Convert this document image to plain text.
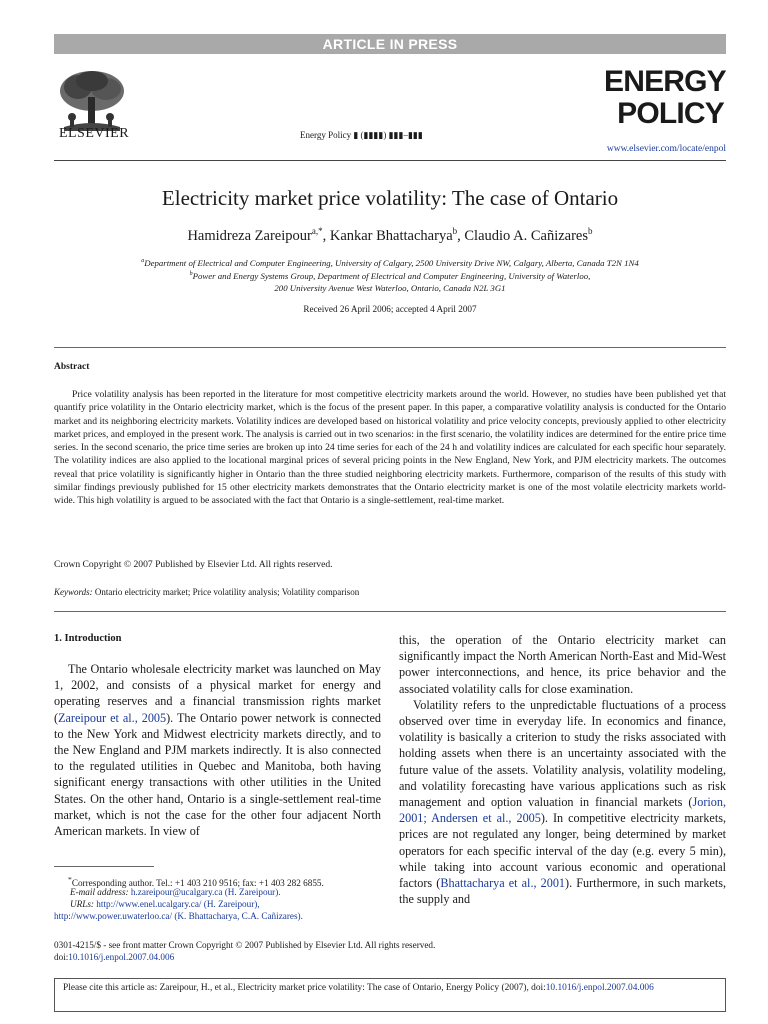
ARTICLE IN PRESS
ELSEVIER	Energy Policy ▮ (▮▮▮▮) ▮▮▮–▮▮▮
ENERGY
POLICY
www.elsevier.com/locate/enpol
Electricity market price volatility: The case of Ontario
Hamidreza Zareipour$^{a,*}$, Kankar Bhattacharya$^b$, Claudio A. Cañizares$^b$
$^a$Department of Electrical and Computer Engineering, University of Calgary, 2500 University Drive NW, Calgary, Alberta, Canada T2N 1N4
$^b$Power and Energy Systems Group, Department of Electrical and Computer Engineering, University of Waterloo,
200 University Avenue West Waterloo, Ontario, Canada N2L 3G1
Received 26 April 2006; accepted 4 April 2007
Abstract

Price volatility analysis has been reported in the literature for most competitive electricity markets around the world. However, no studies have been published yet that quantify price volatility in the Ontario electricity market, which is the focus of the present paper. In this paper, a comparative volatility analysis is conducted for the Ontario market and its neighboring electricity markets. Volatility indices are developed based on historical volatility and price velocity concepts, previously applied to other electricity market prices, and employed in the present work. The analysis is carried out in two scenarios: in the first scenario, the volatility indices are determined for the entire price time series. In the second scenario, the price time series are broken up into 24 time series for each of the 24 h and volatility indices are calculated for each specific hour separately. The volatility indices are also applied to the locational marginal prices of several pricing points in the New England, New York, and PJM electricity markets. The outcomes reveal that price volatility is significantly higher in Ontario than the three studied neighboring electricity markets. Furthermore, comparison of the results of this study with similar findings previously published for 15 other electricity markets demonstrates that the Ontario electricity market is one of the most volatile electricity markets world-wide. This high volatility is argued to be associated with the fact that Ontario is a single-settlement, real-time market.

Crown Copyright © 2007 Published by Elsevier Ltd. All rights reserved.
Keywords: Ontario electricity market; Price volatility analysis; Volatility comparison
1. Introduction

The Ontario wholesale electricity market was launched on May 1, 2002, and consists of a physical market for energy and operating reserves and a financial transmission rights market (Zareipour et al., 2005). The Ontario power network is connected to the New York and Midwest electricity markets directly, and to the New England and PJM markets indirectly. It is also connected to the regulated utilities in Quebec and Manitoba, both having significant energy transactions with other utilities in the United States. On the other hand, Ontario is a single-settlement real-time market, which is not the case for the other four adjacent North American markets. In view of

this, the operation of the Ontario electricity market can significantly impact the North American North-East and Mid-West power interconnections, and hence, its price behavior and the associated volatility calls for close examination.
Volatility refers to the unpredictable fluctuations of a process observed over time in everyday life. In economics and finance, volatility is basically a criterion to study the risks associated with holding assets when there is an uncertainty associated with the future value of the assets. Volatility analysis, volatility modeling, and volatility forecasting have various applications such as risk management and option valuation in financial markets (Jorion, 2001; Andersen et al., 2005). In competitive electricity markets, prices are not regulated any longer, being determined by market operators for each specific interval of the day (e.g. every 5 min), while taking into account various economic and operational factors (Bhattacharya et al., 2001). Furthermore, in such markets, the supply and

*Corresponding author. Tel.: +1 403 210 9516; fax: +1 403 282 6855.
E-mail address: h.zareipour@ucalgary.ca (H. Zareipour).
URLs: http://www.enel.ucalgary.ca/ (H. Zareipour),
http://www.power.uwaterloo.ca/ (K. Bhattacharya, C.A. Cañizares).
0301-4215/$ - see front matter Crown Copyright © 2007 Published by Elsevier Ltd. All rights reserved.
doi:10.1016/j.enpol.2007.04.006
Please cite this article as: Zareipour, H., et al., Electricity market price volatility: The case of Ontario, Energy Policy (2007), doi:10.1016/j.enpol.2007.04.006
